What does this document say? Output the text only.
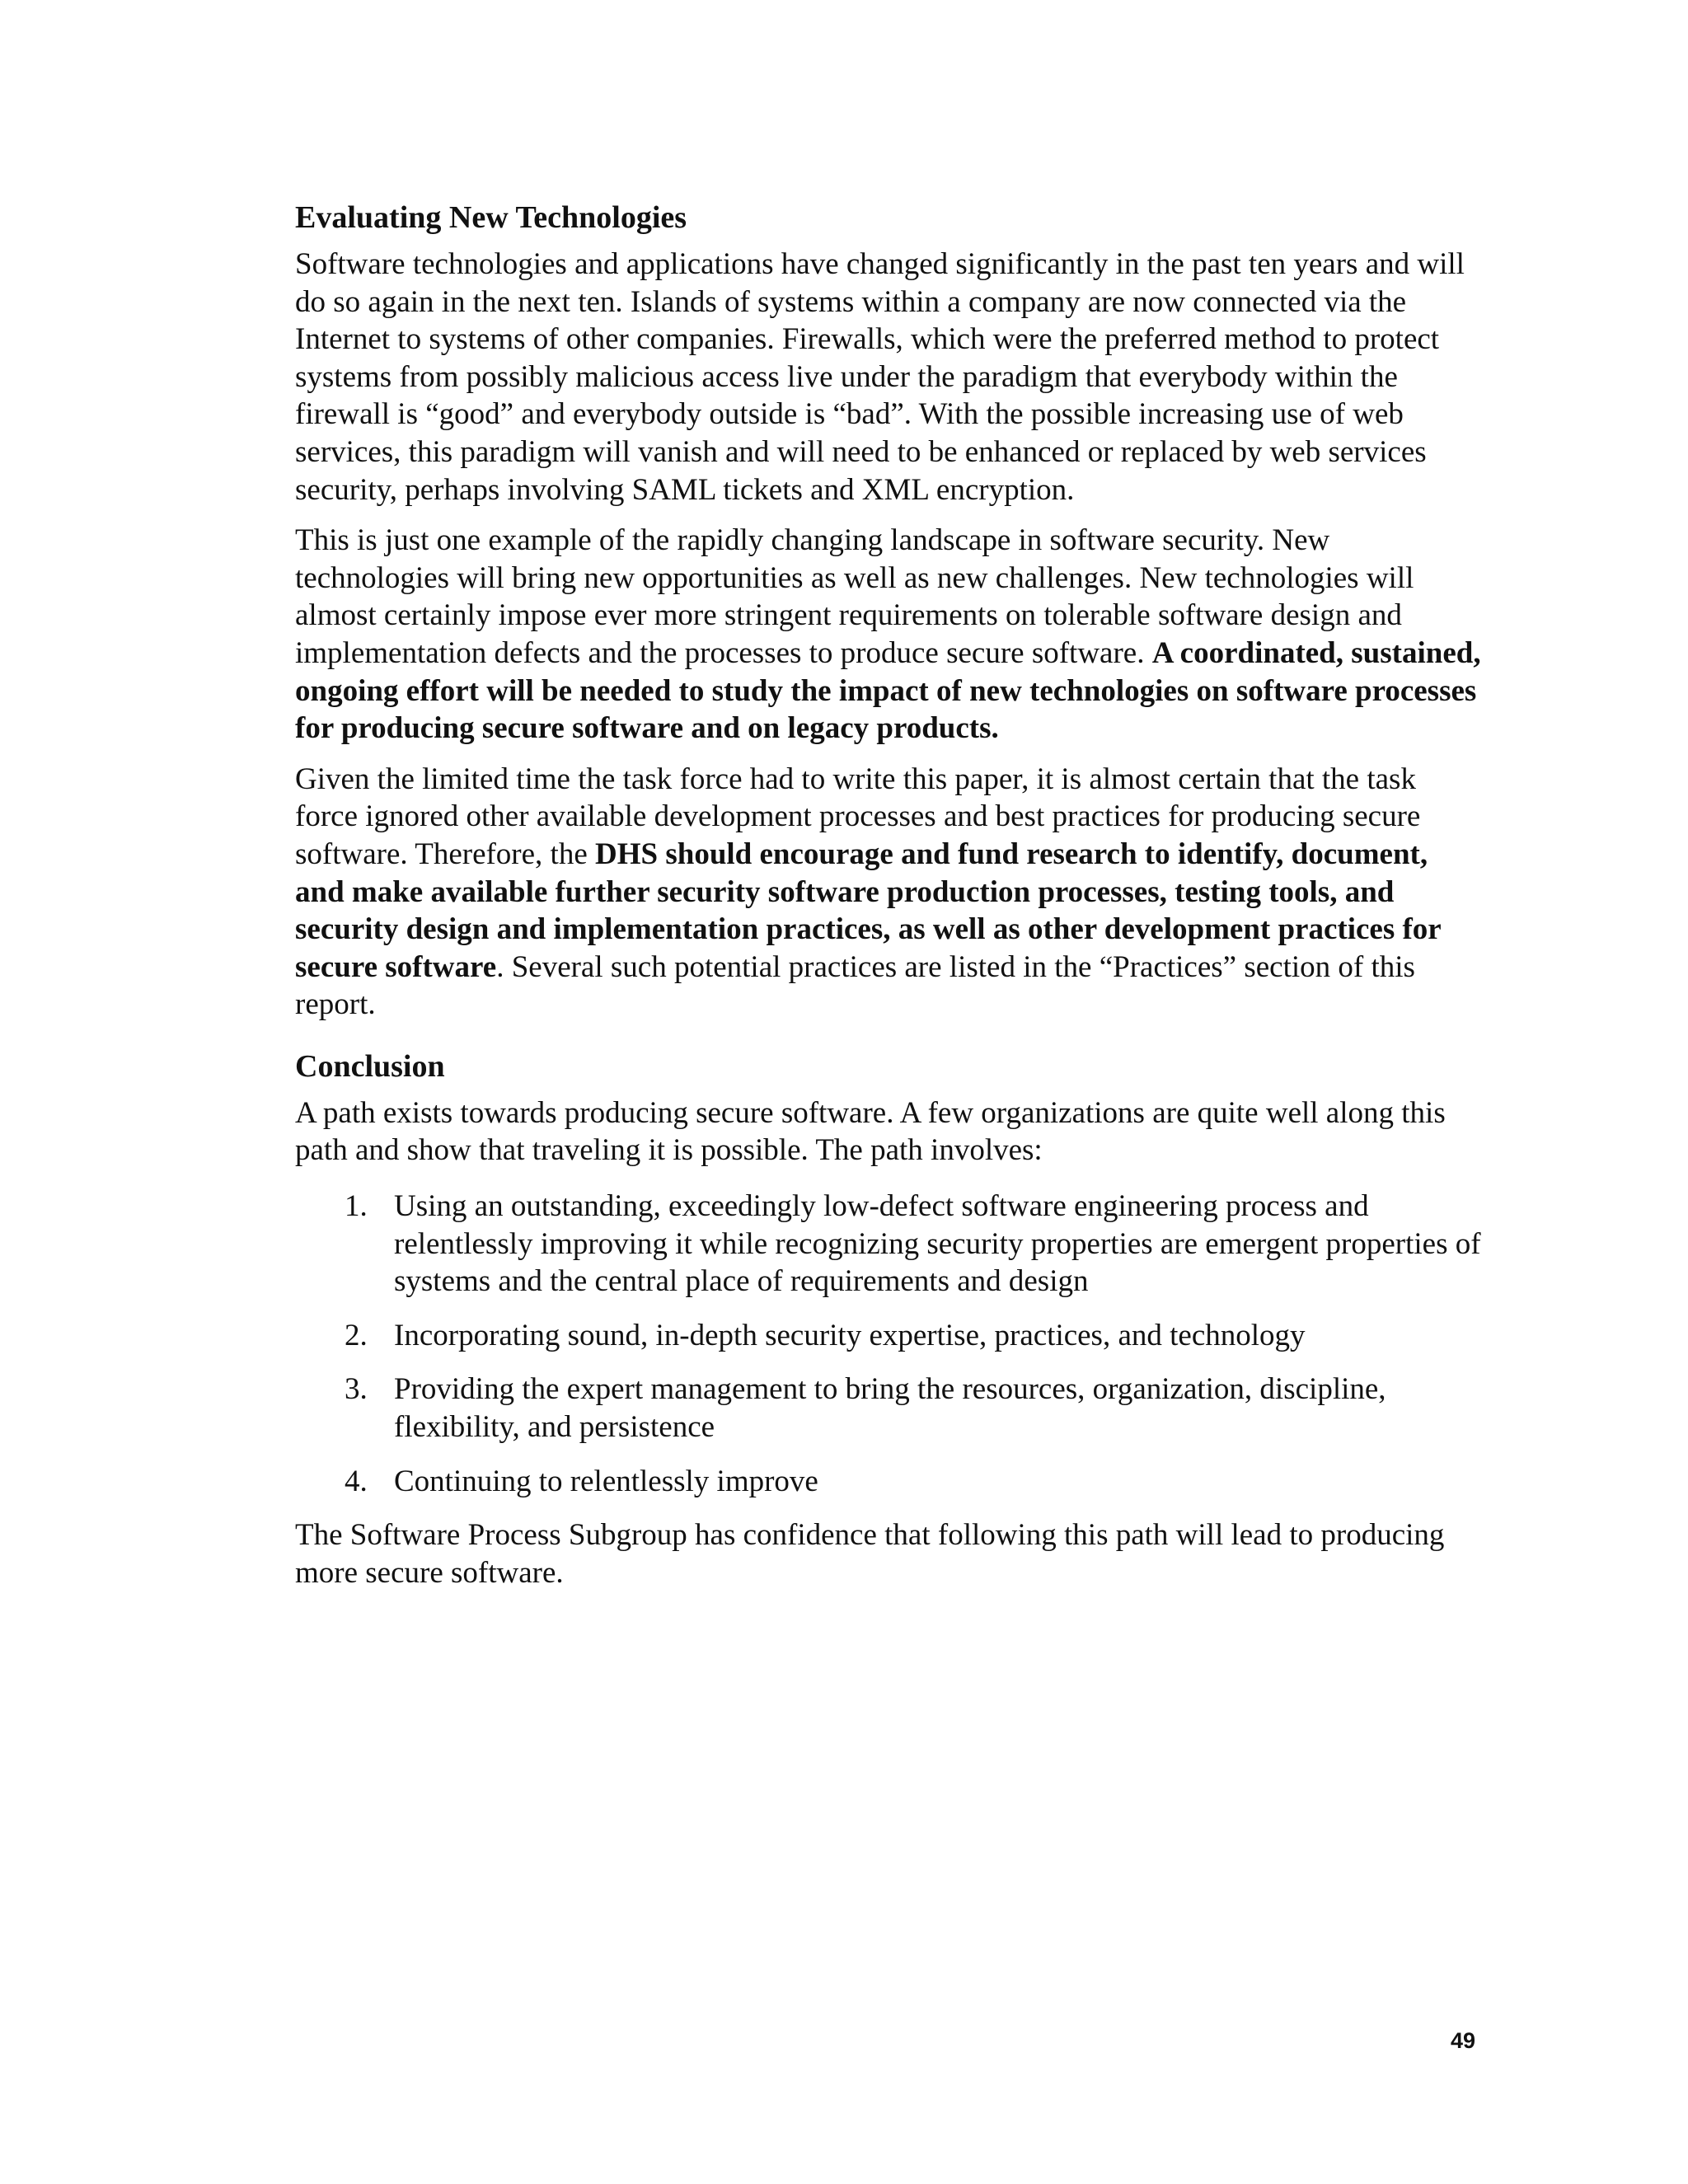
Evaluating New Technologies

Software technologies and applications have changed significantly in the past ten years and will do so again in the next ten. Islands of systems within a company are now connected via the Internet to systems of other companies. Firewalls, which were the preferred method to protect systems from possibly malicious access live under the paradigm that everybody within the firewall is “good” and everybody outside is “bad”. With the possible increasing use of web services, this paradigm will vanish and will need to be enhanced or replaced by web services security, perhaps involving SAML tickets and XML encryption.

This is just one example of the rapidly changing landscape in software security. New technologies will bring new opportunities as well as new challenges. New technologies will almost certainly impose ever more stringent requirements on tolerable software design and implementation defects and the processes to produce secure software. A coordinated, sustained, ongoing effort will be needed to study the impact of new technologies on software processes for producing secure software and on legacy products.

Given the limited time the task force had to write this paper, it is almost certain that the task force ignored other available development processes and best practices for producing secure software. Therefore, the DHS should encourage and fund research to identify, document, and make available further security software production processes, testing tools, and security design and implementation practices, as well as other development practices for secure software. Several such potential practices are listed in the “Practices” section of this report.

Conclusion

A path exists towards producing secure software. A few organizations are quite well along this path and show that traveling it is possible. The path involves:

1. Using an outstanding, exceedingly low-defect software engineering process and relentlessly improving it while recognizing security properties are emergent properties of systems and the central place of requirements and design
2. Incorporating sound, in-depth security expertise, practices, and technology
3. Providing the expert management to bring the resources, organization, discipline, flexibility, and persistence
4. Continuing to relentlessly improve

The Software Process Subgroup has confidence that following this path will lead to producing more secure software.

49
